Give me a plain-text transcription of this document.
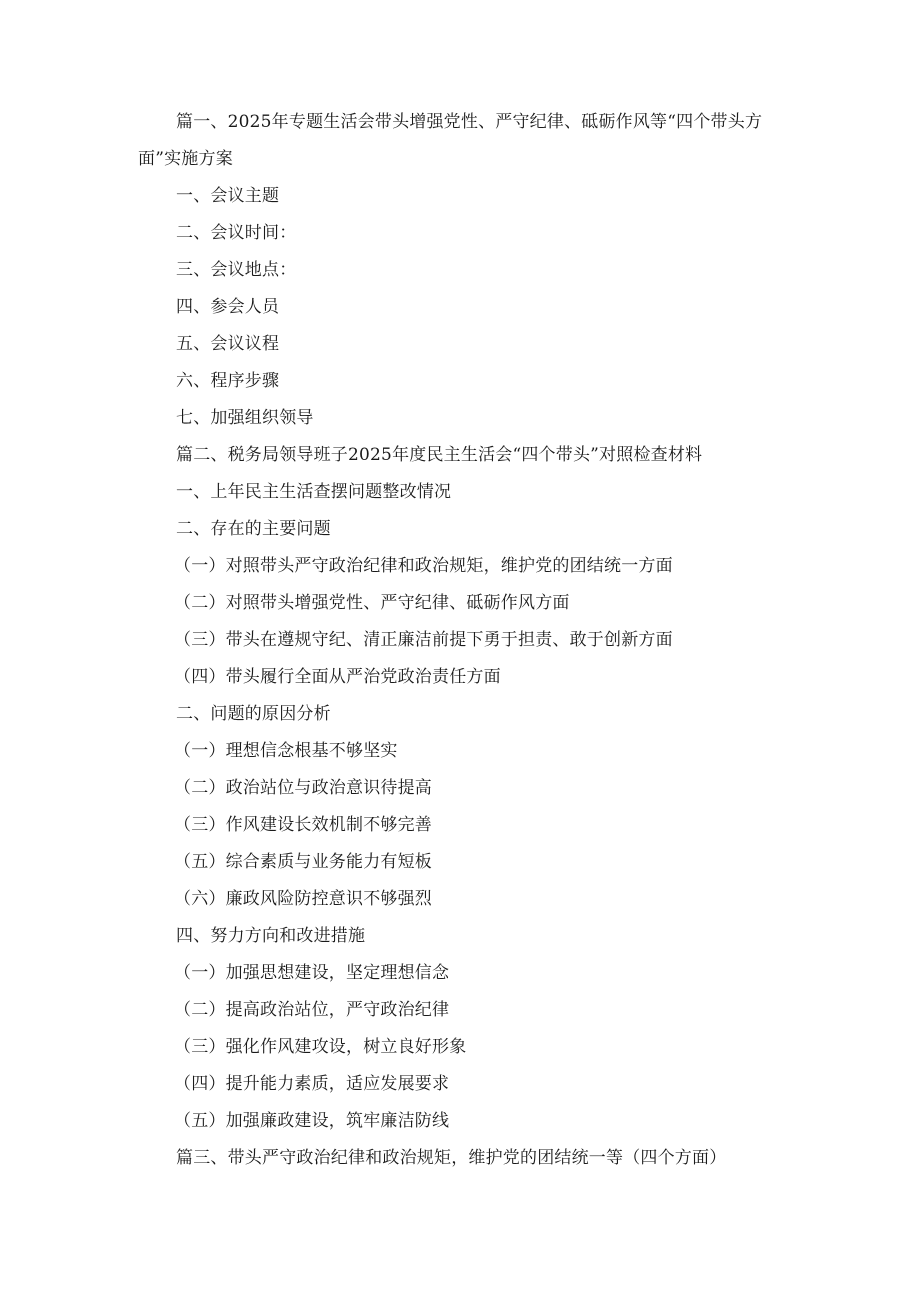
篇一、2025年专题生活会带头增强党性、严守纪律、砥砺作风等“四个带头方面”实施方案
一、会议主题
二、会议时间：
三、会议地点：
四、参会人员
五、会议议程
六、程序步骤
七、加强组织领导
篇二、税务局领导班子2025年度民主生活会“四个带头”对照检查材料
一、上年民主生活查摆问题整改情况
二、存在的主要问题
（一）对照带头严守政治纪律和政治规矩，维护党的团结统一方面
（二）对照带头增强党性、严守纪律、砥砺作风方面
（三）带头在遵规守纪、清正廉洁前提下勇于担责、敢于创新方面
（四）带头履行全面从严治党政治责任方面
二、问题的原因分析
（一）理想信念根基不够坚实
（二）政治站位与政治意识待提高
（三）作风建设长效机制不够完善
（五）综合素质与业务能力有短板
（六）廉政风险防控意识不够强烈
四、努力方向和改进措施
（一）加强思想建设，坚定理想信念
（二）提高政治站位，严守政治纪律
（三）强化作风建攻设，树立良好形象
（四）提升能力素质，适应发展要求
（五）加强廉政建设，筑牢廉洁防线
篇三、带头严守政治纪律和政治规矩，维护党的团结统一等（四个方面）
